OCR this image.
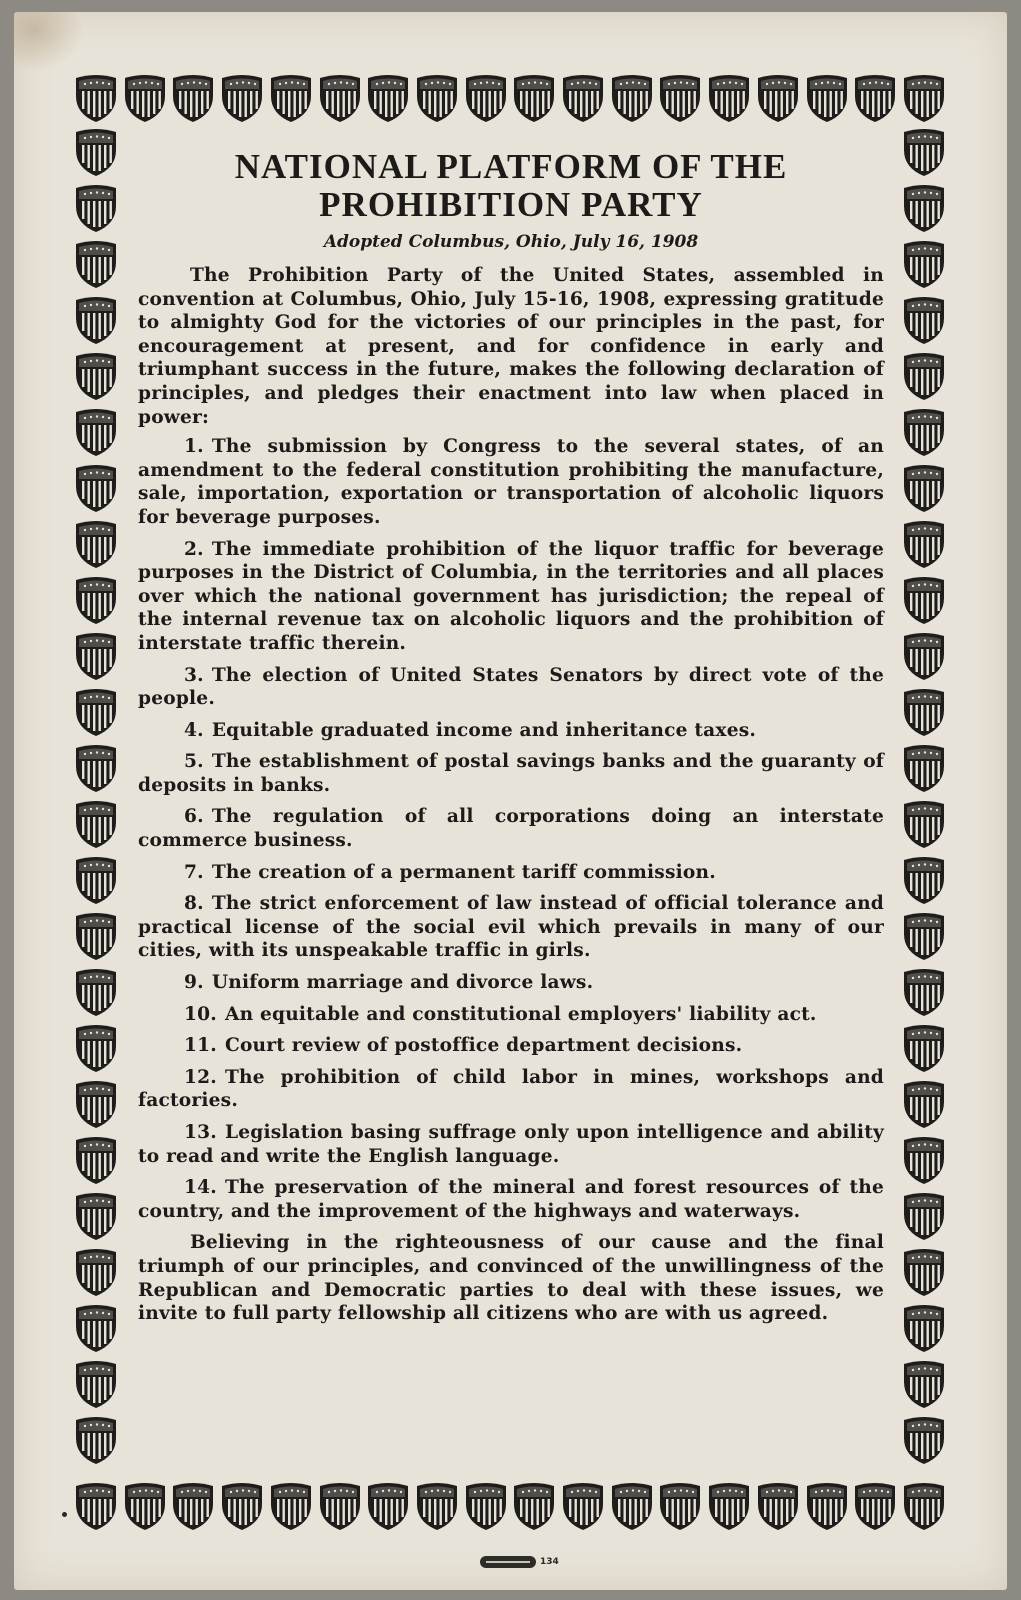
NATIONAL PLATFORM OF THE
PROHIBITION PARTY
Adopted Columbus, Ohio, July 16, 1908

The Prohibition Party of the United States, assembled in convention at Columbus, Ohio, July 15-16, 1908, expressing gratitude to almighty God for the victories of our principles in the past, for encouragement at present, and for confidence in early and triumphant success in the future, makes the following declaration of principles, and pledges their enactment into law when placed in power:

1. The submission by Congress to the several states, of an amendment to the federal constitution prohibiting the manufacture, sale, importation, exportation or transportation of alcoholic liquors for beverage purposes.

2. The immediate prohibition of the liquor traffic for beverage purposes in the District of Columbia, in the territories and all places over which the national government has jurisdiction; the repeal of the internal revenue tax on alcoholic liquors and the prohibition of interstate traffic therein.

3. The election of United States Senators by direct vote of the people.

4. Equitable graduated income and inheritance taxes.

5. The establishment of postal savings banks and the guaranty of deposits in banks.

6. The regulation of all corporations doing an interstate commerce business.

7. The creation of a permanent tariff commission.

8. The strict enforcement of law instead of official tolerance and practical license of the social evil which prevails in many of our cities, with its unspeakable traffic in girls.

9. Uniform marriage and divorce laws.

10. An equitable and constitutional employers' liability act.

11. Court review of postoffice department decisions.

12. The prohibition of child labor in mines, workshops and factories.

13. Legislation basing suffrage only upon intelligence and ability to read and write the English language.

14. The preservation of the mineral and forest resources of the country, and the improvement of the highways and waterways.

Believing in the righteousness of our cause and the final triumph of our principles, and convinced of the unwillingness of the Republican and Democratic parties to deal with these issues, we invite to full party fellowship all citizens who are with us agreed.

134
